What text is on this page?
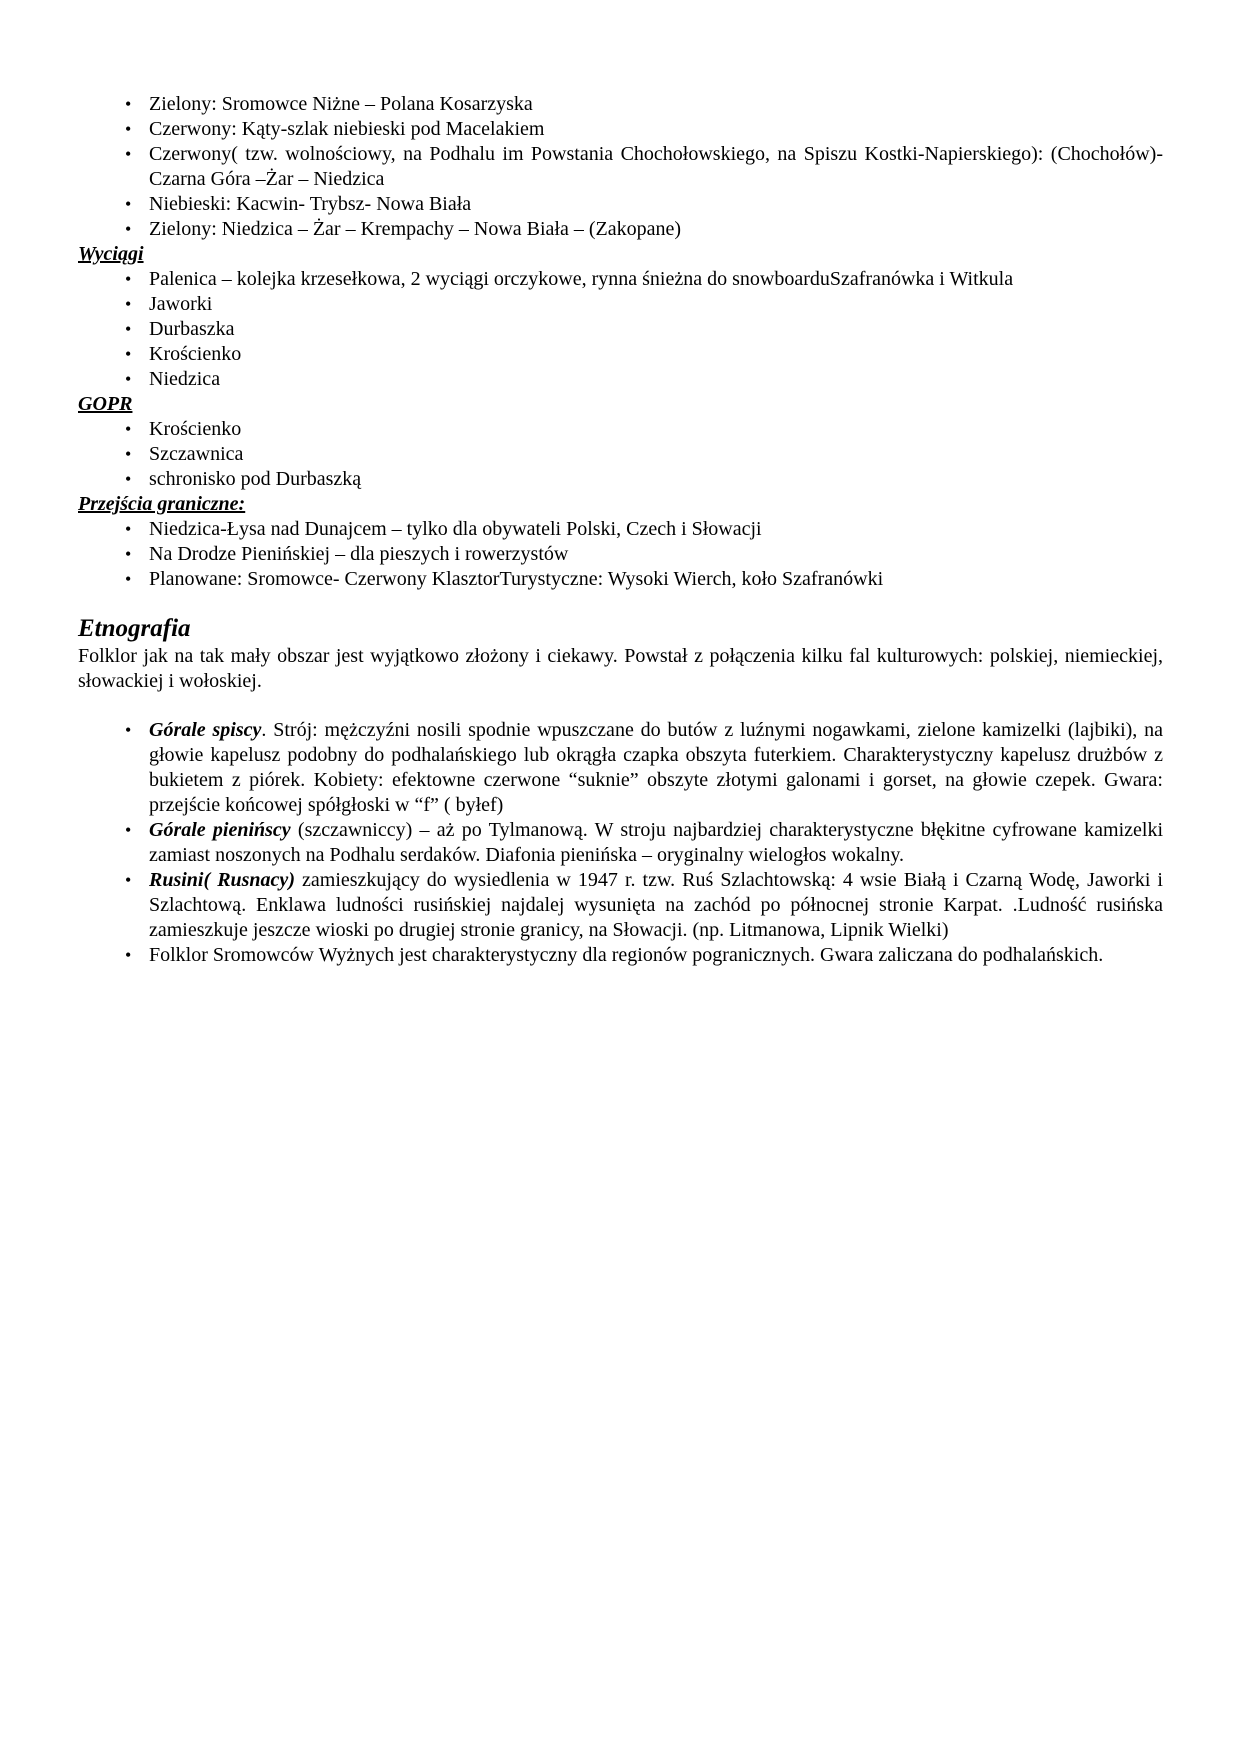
• Zielony: Sromowce Niżne – Polana Kosarzyska
• Czerwony: Kąty-szlak niebieski pod Macelakiem
• Czerwony( tzw. wolnościowy, na Podhalu im Powstania Chochołowskiego, na Spiszu Kostki-Napierskiego): (Chochołów)- Czarna Góra –Żar – Niedzica
• Niebieski: Kacwin- Trybsz- Nowa Biała
• Zielony: Niedzica – Żar – Krempachy – Nowa Biała – (Zakopane)
Wyciągi
• Palenica – kolejka krzesełkowa, 2 wyciągi orczykowe, rynna śnieżna do snowboarduSzafranówka i Witkula
• Jaworki
• Durbaszka
• Krościenko
• Niedzica
GOPR
• Krościenko
• Szczawnica
• schronisko pod Durbaszką
Przejścia graniczne:
• Niedzica-Łysa nad Dunajcem – tylko dla obywateli Polski, Czech i Słowacji
• Na Drodze Pienińskiej – dla pieszych i rowerzystów
• Planowane: Sromowce- Czerwony KlasztorTurystyczne: Wysoki Wierch, koło Szafranówki
Etnografia

Folklor jak na tak mały obszar jest wyjątkowo złożony i ciekawy. Powstał z połączenia kilku fal kulturowych: polskiej, niemieckiej, słowackiej i wołoskiej.

• Górale spiscy. Strój: mężczyźni nosili spodnie wpuszczane do butów z luźnymi nogawkami, zielone kamizelki (lajbiki), na głowie kapelusz podobny do podhalańskiego lub okrągła czapka obszyta futerkiem. Charakterystyczny kapelusz drużbów z bukietem z piórek. Kobiety: efektowne czerwone “suknie” obszyte złotymi galonami i gorset, na głowie czepek. Gwara: przejście końcowej spółgłoski w “f” ( byłef)
• Górale pienińscy (szczawniccy) – aż po Tylmanową. W stroju najbardziej charakterystyczne błękitne cyfrowane kamizelki zamiast noszonych na Podhalu serdaków. Diafonia pienińska – oryginalny wielogłos wokalny.
• Rusini( Rusnacy) zamieszkujący do wysiedlenia w 1947 r. tzw. Ruś Szlachtowską: 4 wsie Białą i Czarną Wodę, Jaworki i Szlachtową. Enklawa ludności rusińskiej najdalej wysunięta na zachód po północnej stronie Karpat. .Ludność rusińska zamieszkuje jeszcze wioski po drugiej stronie granicy, na Słowacji. (np. Litmanowa, Lipnik Wielki)
• Folklor Sromowców Wyżnych jest charakterystyczny dla regionów pogranicznych. Gwara zaliczana do podhalańskich.
